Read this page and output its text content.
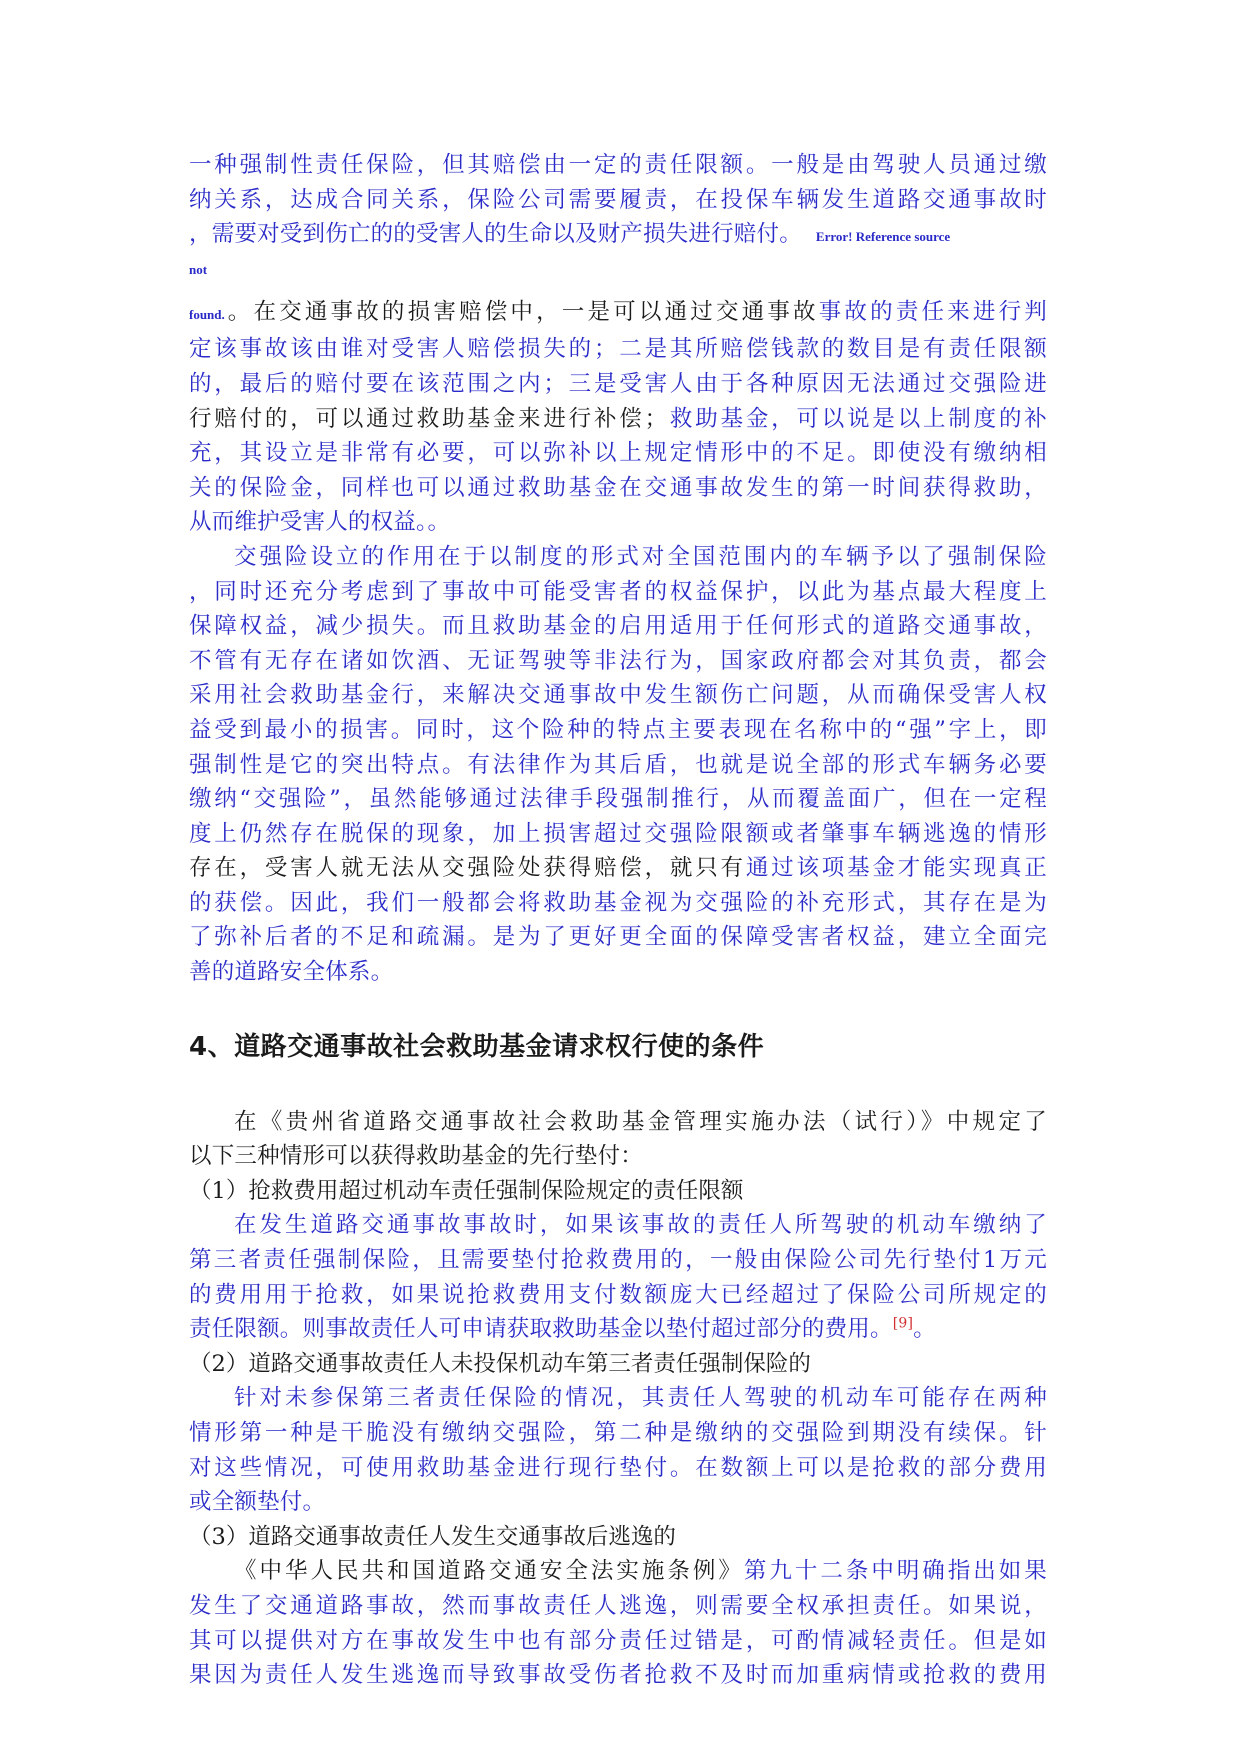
一种强制性责任保险，但其赔偿由一定的责任限额。一般是由驾驶人员通过缴

纳关系，达成合同关系，保险公司需要履责，在投保车辆发生道路交通事故时

，需要对受到伤亡的的受害人的生命以及财产损失进行赔付。 Error! Reference source

not

found.。在交通事故的损害赔偿中，一是可以通过交通事故事故的责任来进行判

定该事故该由谁对受害人赔偿损失的；二是其所赔偿钱款的数目是有责任限额

的，最后的赔付要在该范围之内；三是受害人由于各种原因无法通过交强险进

行赔付的，可以通过救助基金来进行补偿；救助基金，可以说是以上制度的补

充，其设立是非常有必要，可以弥补以上规定情形中的不足。即使没有缴纳相

关的保险金，同样也可以通过救助基金在交通事故发生的第一时间获得救助，

从而维护受害人的权益。。

交强险设立的作用在于以制度的形式对全国范围内的车辆予以了强制保险

，同时还充分考虑到了事故中可能受害者的权益保护，以此为基点最大程度上

保障权益，减少损失。而且救助基金的启用适用于任何形式的道路交通事故，

不管有无存在诸如饮酒、无证驾驶等非法行为，国家政府都会对其负责，都会

采用社会救助基金行，来解决交通事故中发生额伤亡问题，从而确保受害人权

益受到最小的损害。同时，这个险种的特点主要表现在名称中的“强”字上，即

强制性是它的突出特点。有法律作为其后盾，也就是说全部的形式车辆务必要

缴纳“交强险”，虽然能够通过法律手段强制推行，从而覆盖面广，但在一定程

度上仍然存在脱保的现象，加上损害超过交强险限额或者肇事车辆逃逸的情形

存在，受害人就无法从交强险处获得赔偿，就只有通过该项基金才能实现真正

的获偿。因此，我们一般都会将救助基金视为交强险的补充形式，其存在是为

了弥补后者的不足和疏漏。是为了更好更全面的保障受害者权益，建立全面完

善的道路安全体系。

4、道路交通事故社会救助基金请求权行使的条件

在《贵州省道路交通事故社会救助基金管理实施办法（试行）》中规定了

以下三种情形可以获得救助基金的先行垫付：

（1）抢救费用超过机动车责任强制保险规定的责任限额

在发生道路交通事故事故时，如果该事故的责任人所驾驶的机动车缴纳了

第三者责任强制保险，且需要垫付抢救费用的，一般由保险公司先行垫付1万元

的费用用于抢救，如果说抢救费用支付数额庞大已经超过了保险公司所规定的

责任限额。则事故责任人可申请获取救助基金以垫付超过部分的费用。[9]。

（2）道路交通事故责任人未投保机动车第三者责任强制保险的

针对未参保第三者责任保险的情况，其责任人驾驶的机动车可能存在两种

情形第一种是干脆没有缴纳交强险，第二种是缴纳的交强险到期没有续保。针

对这些情况，可使用救助基金进行现行垫付。在数额上可以是抢救的部分费用

或全额垫付。

（3）道路交通事故责任人发生交通事故后逃逸的

《中华人民共和国道路交通安全法实施条例》第九十二条中明确指出如果

发生了交通道路事故，然而事故责任人逃逸，则需要全权承担责任。如果说，

其可以提供对方在事故发生中也有部分责任过错是，可酌情减轻责任。但是如

果因为责任人发生逃逸而导致事故受伤者抢救不及时而加重病情或抢救的费用
